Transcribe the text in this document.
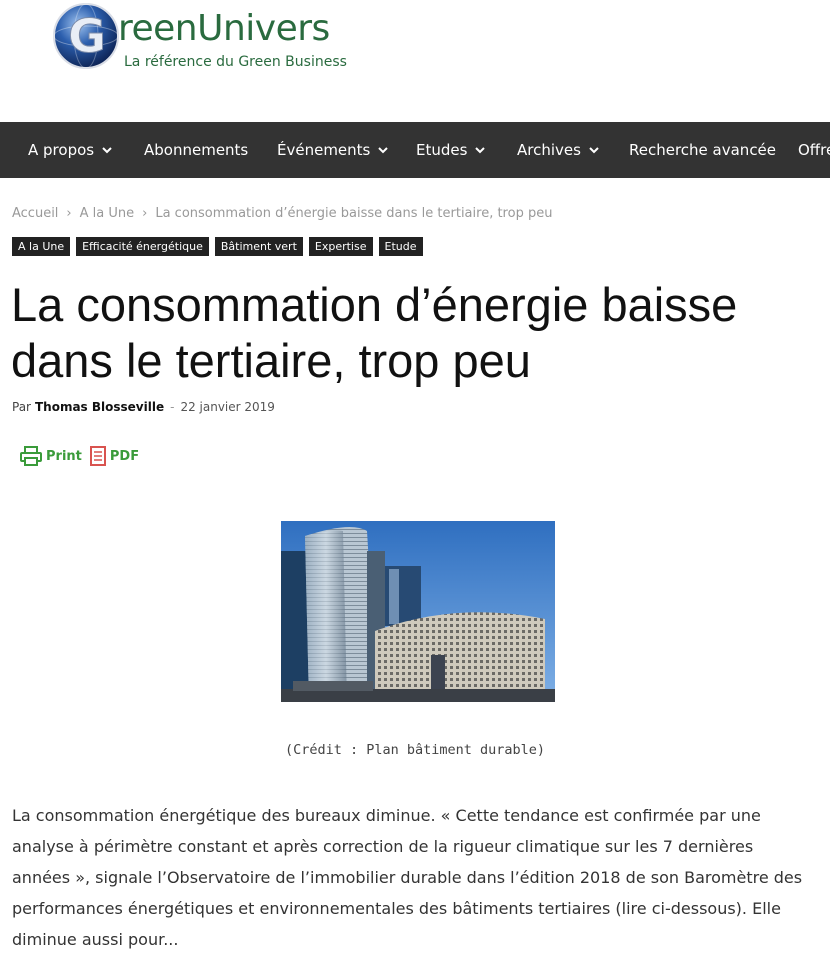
G reenUnivers
La référence du Green Business
A propos	Abonnements Événements	Etudes	Archives	Recherche avancée Offre
Accueil › A la Une › La consommation d’énergie baisse dans le tertiaire, trop peu
A la Une	Efficacité énergétique	Bâtiment vert	Expertise	Etude
La consommation d’énergie baisse dans le tertiaire, trop peu
Par Thomas Blosseville - 22 janvier 2019
Print PDF
(Crédit : Plan bâtiment durable)

La consommation énergétique des bureaux diminue. « Cette tendance est confirmée par une analyse à périmètre constant et après correction de la rigueur climatique sur les 7 dernières années », signale l’Observatoire de l’immobilier durable dans l’édition 2018 de son Baromètre des performances énergétiques et environnementales des bâtiments tertiaires (lire ci-dessous). Elle diminue aussi pour...
